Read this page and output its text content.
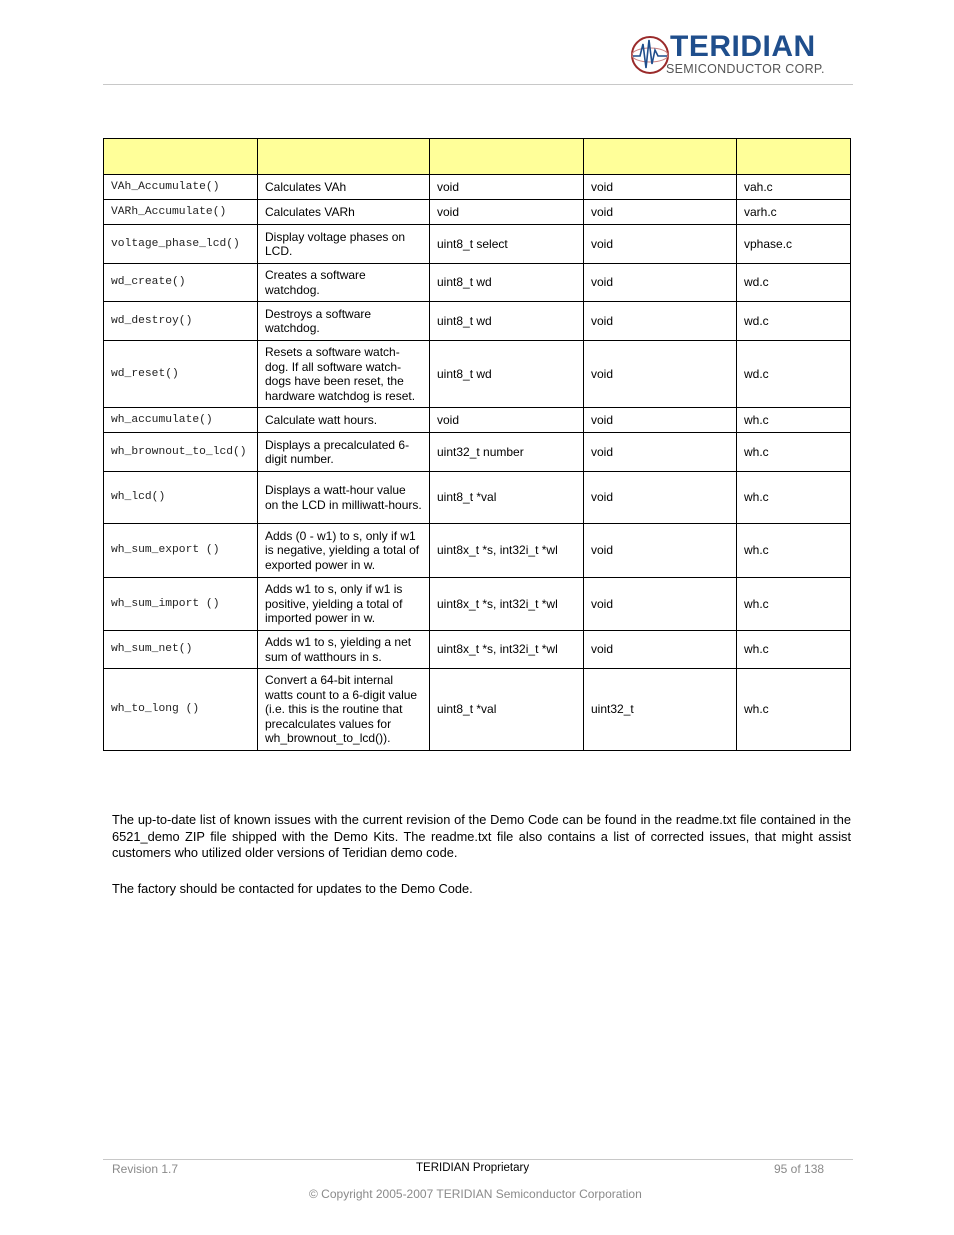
TERIDIAN
SEMICONDUCTOR CORP.

VAh_Accumulate()	Calculates VAh	void	void	vah.c
VARh_Accumulate()	Calculates VARh	void	void	varh.c
voltage_phase_lcd()	Display voltage phases on LCD.	uint8_t select	void	vphase.c
wd_create()	Creates a software watchdog.	uint8_t wd	void	wd.c
wd_destroy()	Destroys a software watchdog.	uint8_t wd	void	wd.c
wd_reset()	Resets a software watch-dog. If all software watch-dogs have been reset, the hardware watchdog is reset.	uint8_t wd	void	wd.c
wh_accumulate()	Calculate watt hours.	void	void	wh.c
wh_brownout_to_lcd()	Displays a precalculated 6-digit number.	uint32_t number	void	wh.c
wh_lcd()	Displays a watt-hour value on the LCD in milliwatt-hours.	uint8_t *val	void	wh.c
wh_sum_export ()	Adds (0 - w1) to s, only if w1 is negative, yielding a total of exported power in w.	uint8x_t *s, int32i_t *wl	void	wh.c
wh_sum_import ()	Adds w1 to s, only if w1 is positive, yielding a total of imported power in w.	uint8x_t *s, int32i_t *wl	void	wh.c
wh_sum_net()	Adds w1 to s, yielding a net sum of watthours in s.	uint8x_t *s, int32i_t *wl	void	wh.c
wh_to_long ()	Convert a 64-bit internal watts count to a 6-digit value (i.e. this is the routine that precalculates values for wh_brownout_to_lcd()).	uint8_t *val	uint32_t	wh.c

The up-to-date list of known issues with the current revision of the Demo Code can be found in the readme.txt file contained in the 6521_demo ZIP file shipped with the Demo Kits. The readme.txt file also contains a list of corrected issues, that might assist customers who utilized older versions of Teridian demo code.

The factory should be contacted for updates to the Demo Code.

Revision 1.7	TERIDIAN Proprietary	95 of 138
© Copyright 2005-2007 TERIDIAN Semiconductor Corporation
